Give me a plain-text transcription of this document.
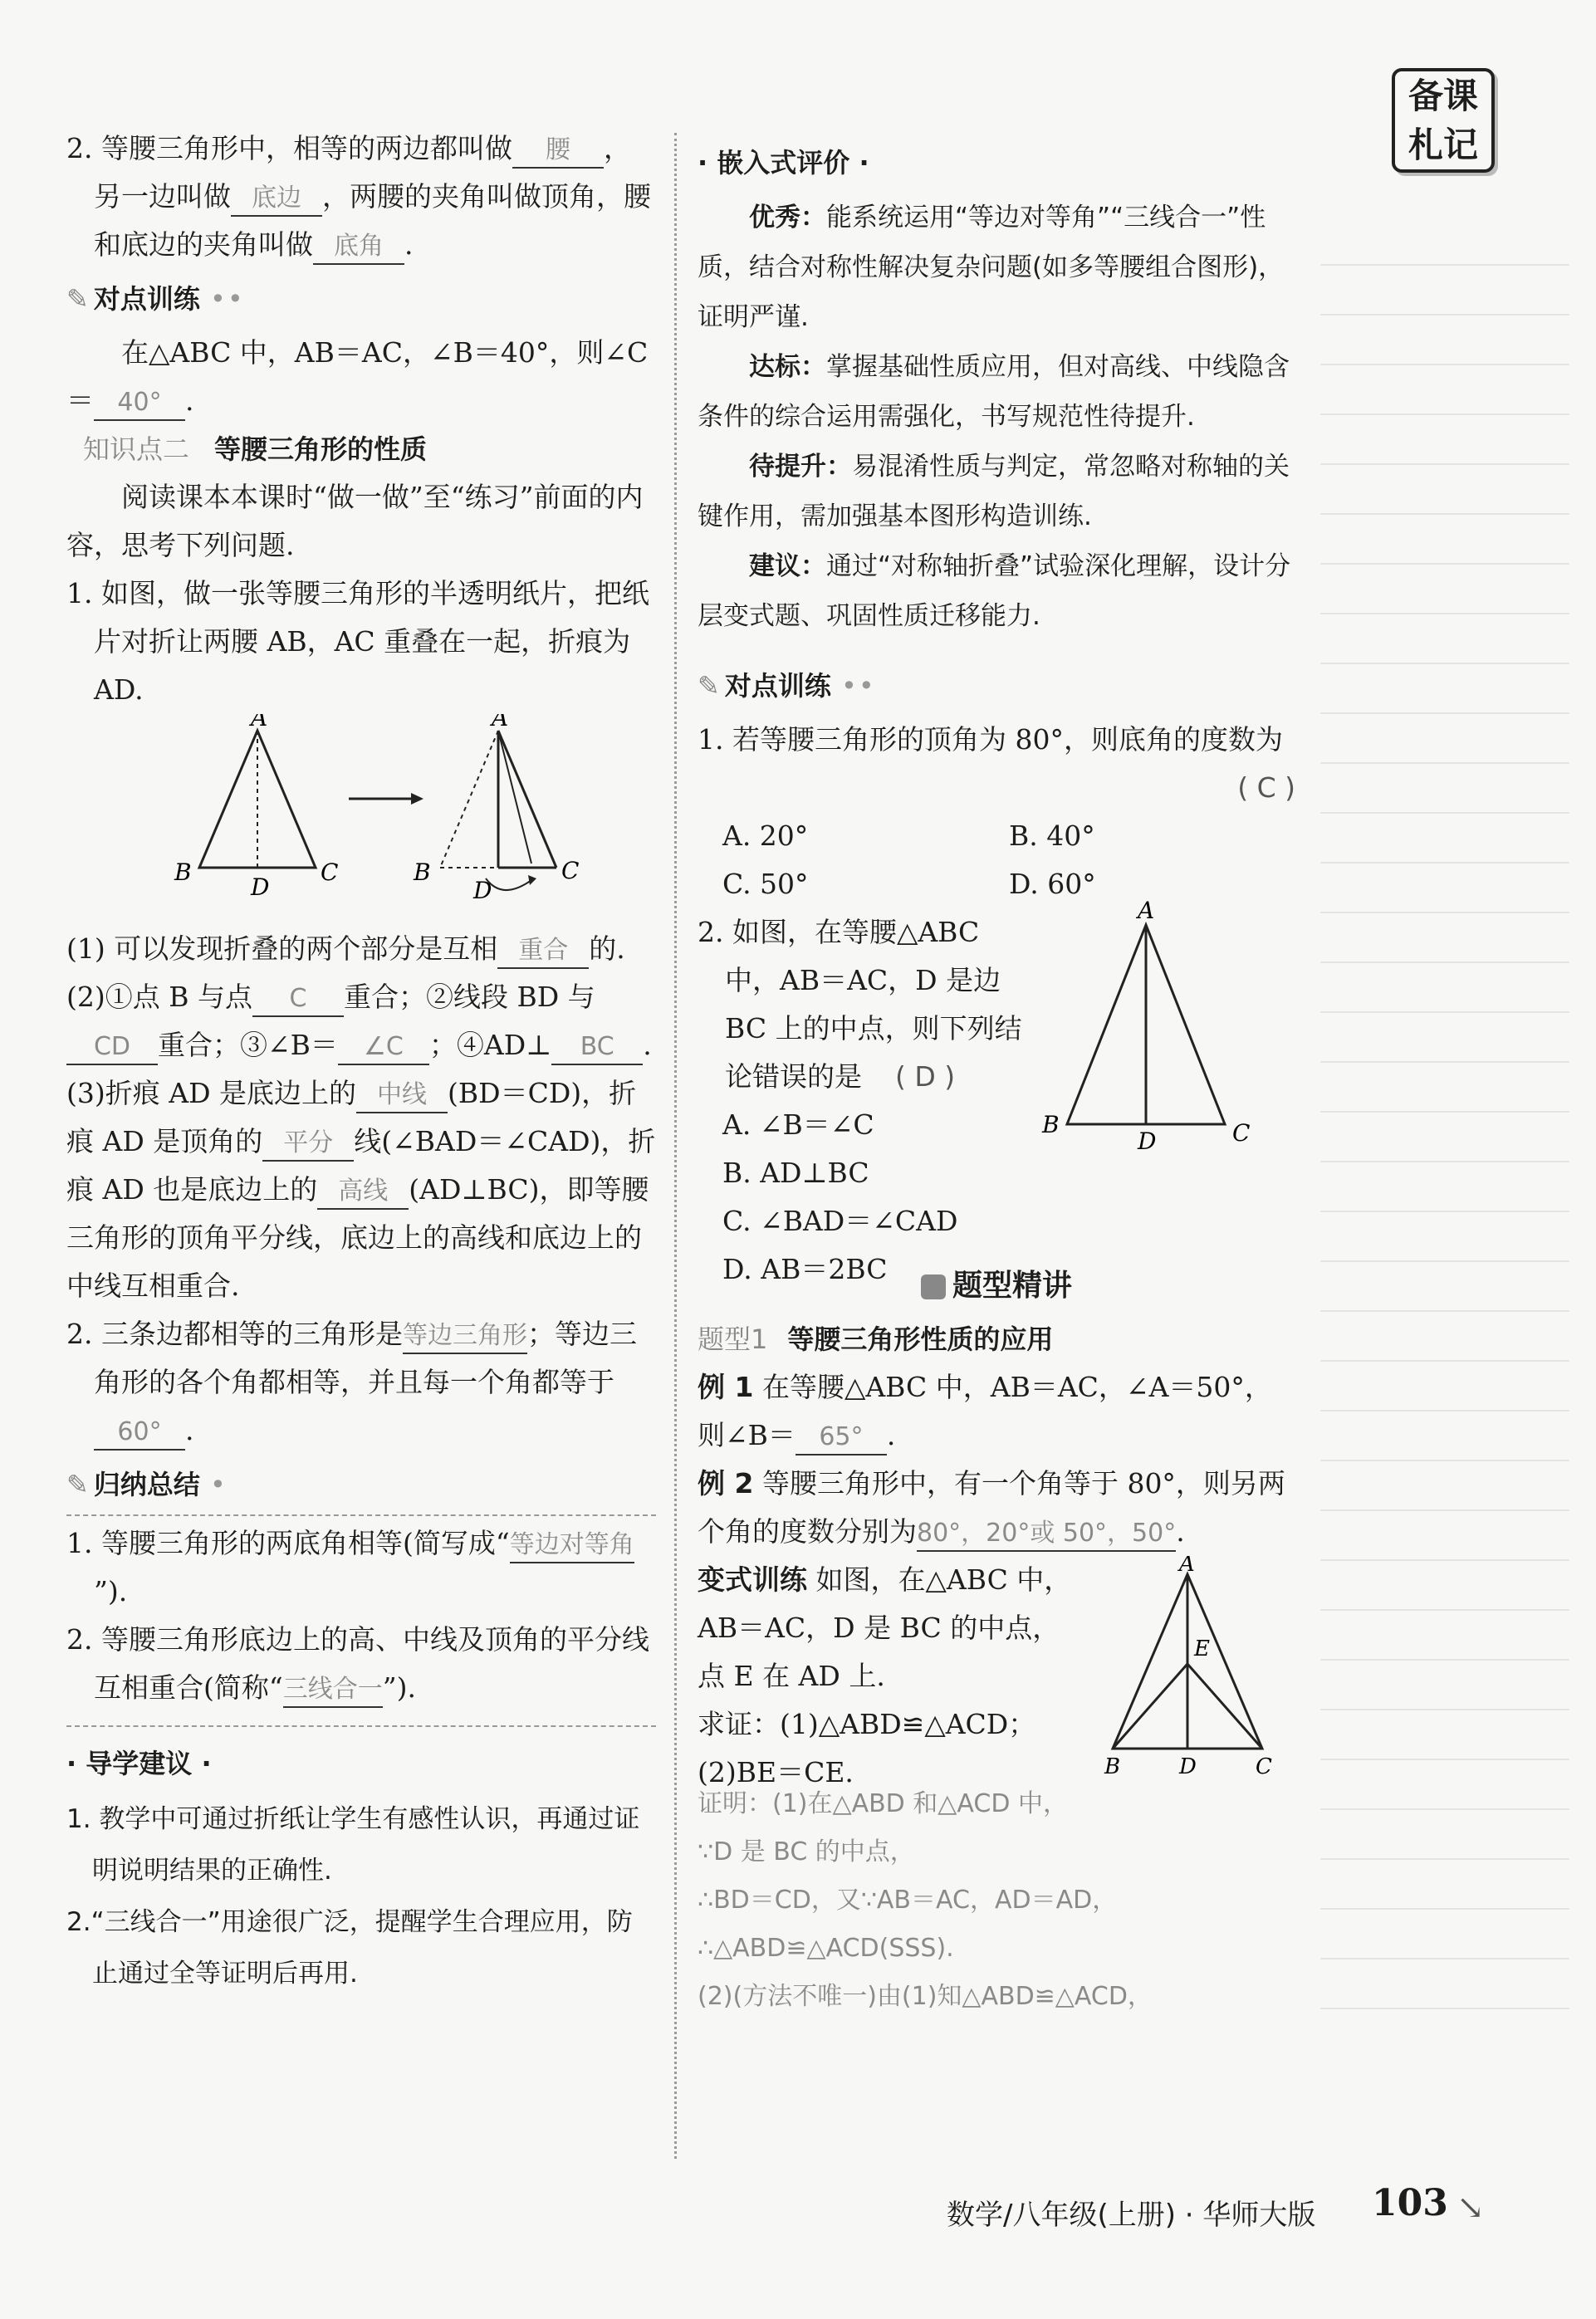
备课
札记

2. 等腰三角形中，相等的两边都叫做 腰 ，另一边叫做 底边 ，两腰的夹角叫做顶角，腰和底边的夹角叫做 底角 .

✎ 对点训练 ••

在△ABC 中，AB＝AC，∠B＝40°，则∠C＝ 40° .

知识点二 等腰三角形的性质

阅读课本本课时“做一做”至“练习”前面的内容，思考下列问题.

1. 如图，做一张等腰三角形的半透明纸片，把纸片对折让两腰 AB，AC 重叠在一起，折痕为 AD.

A
B	C
D
A
B	C
D

(1) 可以发现折叠的两个部分是互相 重合 的.

(2)①点 B 与点 C 重合；②线段 BD 与CD 重合；③∠B＝ ∠C ；④AD⊥ BC .

(3)折痕 AD 是底边上的 中线 (BD＝CD)，折痕 AD 是顶角的 平分 线(∠BAD＝∠CAD)，折痕 AD 也是底边上的 高线 (AD⊥BC)，即等腰三角形的顶角平分线，底边上的高线和底边上的中线互相重合.

2. 三条边都相等的三角形是等边三角形；等边三角形的各个角都相等，并且每一个角都等于60° .

✎ 归纳总结 •

1. 等腰三角形的两底角相等(简写成“等边对等角”).

2. 等腰三角形底边上的高、中线及顶角的平分线互相重合(简称“三线合一”).

· 导学建议 ·

1. 教学中可通过折纸让学生有感性认识，再通过证明说明结果的正确性.

2.“三线合一”用途很广泛，提醒学生合理应用，防止通过全等证明后再用.

· 嵌入式评价 ·

优秀：能系统运用“等边对等角”“三线合一”性质，结合对称性解决复杂问题(如多等腰组合图形)，证明严谨.

达标：掌握基础性质应用，但对高线、中线隐含条件的综合运用需强化，书写规范性待提升.

待提升：易混淆性质与判定，常忽略对称轴的关键作用，需加强基本图形构造训练.

建议：通过“对称轴折叠”试验深化理解，设计分层变式题、巩固性质迁移能力.

✎ 对点训练 ••

1. 若等腰三角形的顶角为 80°，则底角的度数为

( C )

A. 20°	B. 40°
C. 50°	D. 60°

2. 如图，在等腰△ABC 中，AB＝AC，D 是边 BC 上的中点，则下列结论错误的是 ( D )

A. ∠B＝∠C

B. AD⊥BC

C. ∠BAD＝∠CAD

D. AB＝2BC

A
B	C
D
题型精讲
题型1 等腰三角形性质的应用

例 1 在等腰△ABC 中，AB＝AC，∠A＝50°，则∠B＝ 65° .

例 2 等腰三角形中，有一个角等于 80°，则另两个角的度数分别为80°，20°或 50°，50°.

变式训练 如图，在△ABC 中，AB＝AC，D 是 BC 的中点，点 E 在 AD 上.

求证：(1)△ABD≌△ACD；

(2)BE＝CE.

A
E
B	D	C

证明：(1)在△ABD 和△ACD 中，

∵D 是 BC 的中点，

∴BD＝CD，又∵AB＝AC，AD＝AD，

∴△ABD≌△ACD(SSS).

(2)(方法不唯一)由(1)知△ABD≌△ACD，

数学/八年级(上册) · 华师大版 103 ↘
